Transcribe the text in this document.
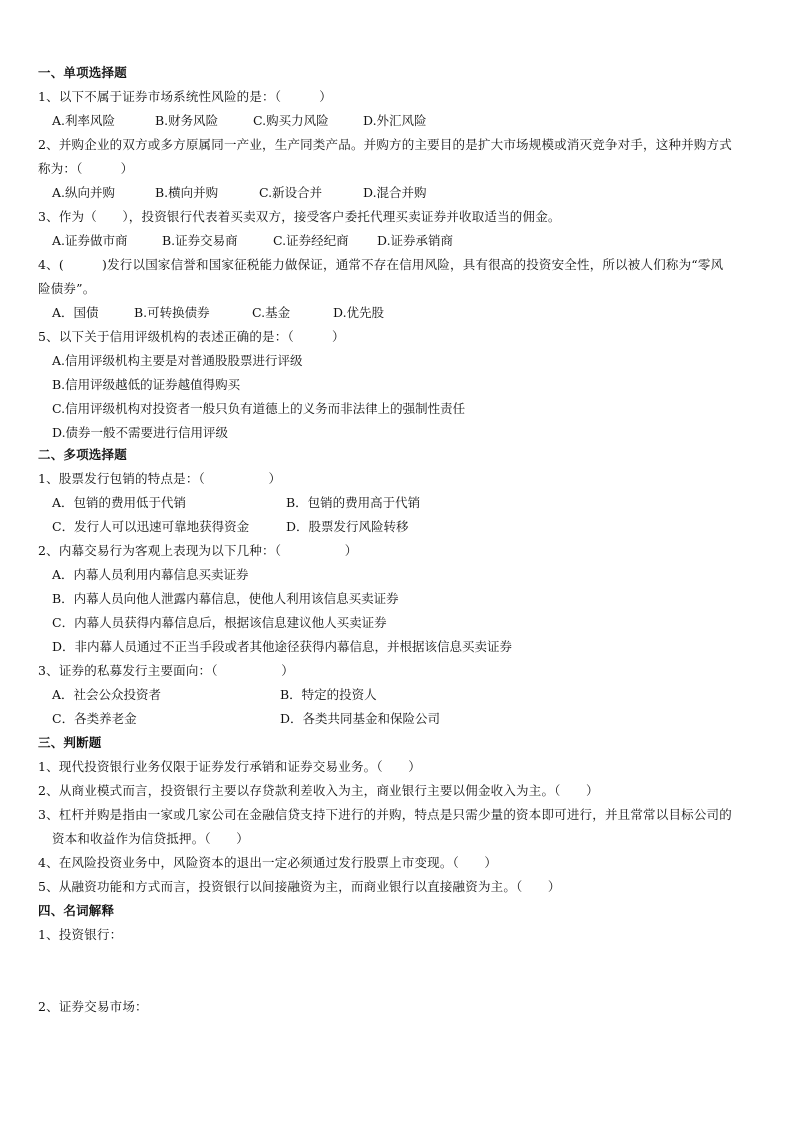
一、单项选择题
1、以下不属于证券市场系统性风险的是：（　　　）
A.利率风险	B.财务风险	C.购买力风险	D.外汇风险
2、并购企业的双方或多方原属同一产业，生产同类产品。并购方的主要目的是扩大市场规模或消灭竞争对手，这种并购方式
称为：（　　　）
A.纵向并购	B.横向并购	C.新设合并	D.混合并购
3、作为（　　），投资银行代表着买卖双方，接受客户委托代理买卖证券并收取适当的佣金。
A.证券做市商	B.证券交易商	C.证券经纪商 D.证券承销商
4、(　　　)发行以国家信誉和国家征税能力做保证，通常不存在信用风险，具有很高的投资安全性，所以被人们称为“零风
险债券”。
A．国债	B.可转换债券	C.基金	D.优先股
5、以下关于信用评级机构的表述正确的是：（　　　）
A.信用评级机构主要是对普通股股票进行评级
B.信用评级越低的证券越值得购买
C.信用评级机构对投资者一般只负有道德上的义务而非法律上的强制性责任
D.债券一般不需要进行信用评级
二、多项选择题
1、股票发行包销的特点是：（　　　　　）
A．包销的费用低于代销	B．包销的费用高于代销
C．发行人可以迅速可靠地获得资金	D．股票发行风险转移
2、内幕交易行为客观上表现为以下几种：（　　　　　）
A．内幕人员利用内幕信息买卖证券
B．内幕人员向他人泄露内幕信息，使他人利用该信息买卖证券
C．内幕人员获得内幕信息后，根据该信息建议他人买卖证券
D．非内幕人员通过不正当手段或者其他途径获得内幕信息，并根据该信息买卖证券
3、证券的私募发行主要面向：（　　　　　）
A．社会公众投资者	B．特定的投资人
C．各类养老金	D．各类共同基金和保险公司
三、判断题
1、现代投资银行业务仅限于证券发行承销和证券交易业务。（　　）
2、从商业模式而言，投资银行主要以存贷款利差收入为主，商业银行主要以佣金收入为主。（　　）
3、杠杆并购是指由一家或几家公司在金融信贷支持下进行的并购，特点是只需少量的资本即可进行，并且常常以目标公司的
资本和收益作为信贷抵押。（　　）
4、在风险投资业务中，风险资本的退出一定必须通过发行股票上市变现。（　　）
5、从融资功能和方式而言，投资银行以间接融资为主，而商业银行以直接融资为主。（　　）
四、名词解释
1、投资银行：
2、证券交易市场：
